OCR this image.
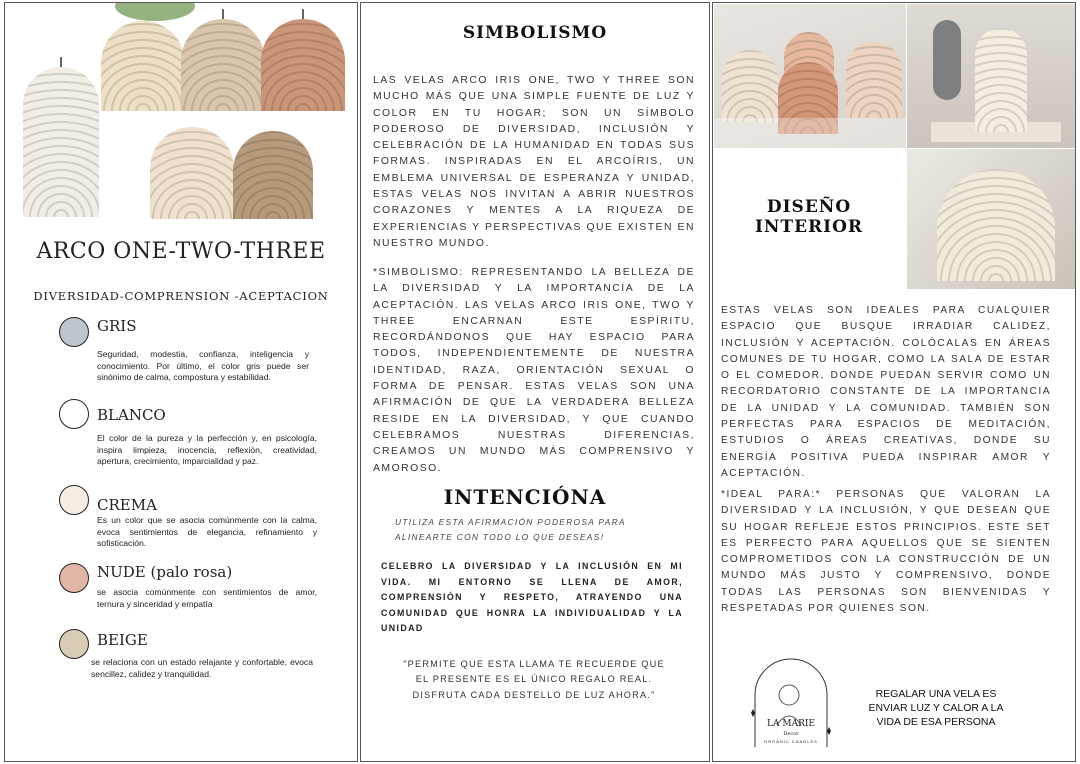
ARCO ONE-TWO-THREE
DIVERSIDAD-COMPRENSION -ACEPTACION
GRIS
Seguridad, modestia, confianza, inteligencia y conocimiento. Por último, el color gris puede ser sinónimo de calma, compostura y estabilidad.
BLANCO
El color de la pureza y la perfección y, en psicología, inspira limpieza, inocencia, reflexión, creatividad, apertura, crecimiento, imparcialidad y paz.
CREMA
Es un color que se asocia comúnmente con la calma, evoca sentimientos de elegancia, refinamiento y sofisticación.
NUDE (palo rosa)
se asocia comúnmente con sentimientos de amor, ternura y sinceridad y empatía
BEIGE
se relaciona con un estado relajante y confortable, evoca sencillez, calidez y tranquilidad.
SIMBOLISMO
LAS VELAS ARCO IRIS ONE, TWO Y THREE SON MUCHO MÁS QUE UNA SIMPLE FUENTE DE LUZ Y COLOR EN TU HOGAR; SON UN SÍMBOLO PODEROSO DE DIVERSIDAD, INCLUSIÓN Y CELEBRACIÓN DE LA HUMANIDAD EN TODAS SUS FORMAS. INSPIRADAS EN EL ARCOÍRIS, UN EMBLEMA UNIVERSAL DE ESPERANZA Y UNIDAD, ESTAS VELAS NOS INVITAN A ABRIR NUESTROS CORAZONES Y MENTES A LA RIQUEZA DE EXPERIENCIAS Y PERSPECTIVAS QUE EXISTEN EN NUESTRO MUNDO.
*SIMBOLISMO: REPRESENTANDO LA BELLEZA DE LA DIVERSIDAD Y LA IMPORTANCIA DE LA ACEPTACIÓN. LAS VELAS ARCO IRIS ONE, TWO Y THREE ENCARNAN ESTE ESPÍRITU, RECORDÁNDONOS QUE HAY ESPACIO PARA TODOS, INDEPENDIENTEMENTE DE NUESTRA IDENTIDAD, RAZA, ORIENTACIÓN SEXUAL O FORMA DE PENSAR. ESTAS VELAS SON UNA AFIRMACIÓN DE QUE LA VERDADERA BELLEZA RESIDE EN LA DIVERSIDAD, Y QUE CUANDO CELEBRAMOS NUESTRAS DIFERENCIAS, CREAMOS UN MUNDO MÁS COMPRENSIVO Y AMOROSO.
INTENCIÓNA
UTILIZA ESTA AFIRMACIÓN PODEROSA PARA ALINEARTE CON TODO LO QUE DESEAS!
CELEBRO LA DIVERSIDAD Y LA INCLUSIÓN EN MI VIDA. MI ENTORNO SE LLENA DE AMOR, COMPRENSIÓN Y RESPETO, ATRAYENDO UNA COMUNIDAD QUE HONRA LA INDIVIDUALIDAD Y LA UNIDAD
"PERMITE QUE ESTA LLAMA TE RECUERDE QUE EL PRESENTE ES EL ÚNICO REGALO REAL. DISFRUTA CADA DESTELLO DE LUZ AHORA."
DISEÑO INTERIOR
ESTAS VELAS SON IDEALES PARA CUALQUIER ESPACIO QUE BUSQUE IRRADIAR CALIDEZ, INCLUSIÓN Y ACEPTACIÓN. COLÓCALAS EN ÁREAS COMUNES DE TU HOGAR, COMO LA SALA DE ESTAR O EL COMEDOR, DONDE PUEDAN SERVIR COMO UN RECORDATORIO CONSTANTE DE LA IMPORTANCIA DE LA UNIDAD Y LA COMUNIDAD. TAMBIÉN SON PERFECTAS PARA ESPACIOS DE MEDITACIÓN, ESTUDIOS O ÁREAS CREATIVAS, DONDE SU ENERGÍA POSITIVA PUEDA INSPIRAR AMOR Y ACEPTACIÓN.
*IDEAL PARA:* PERSONAS QUE VALORAN LA DIVERSIDAD Y LA INCLUSIÓN, Y QUE DESEAN QUE SU HOGAR REFLEJE ESTOS PRINCIPIOS. ESTE SET ES PERFECTO PARA AQUELLOS QUE SE SIENTEN COMPROMETIDOS CON LA CONSTRUCCIÓN DE UN MUNDO MÁS JUSTO Y COMPRENSIVO, DONDE TODAS LAS PERSONAS SON BIENVENIDAS Y RESPETADAS POR QUIENES SON.
LA MARIE
Decor
ORGANIC CANDLES
REGALAR UNA VELA ES ENVIAR LUZ Y CALOR A LA VIDA DE ESA PERSONA
